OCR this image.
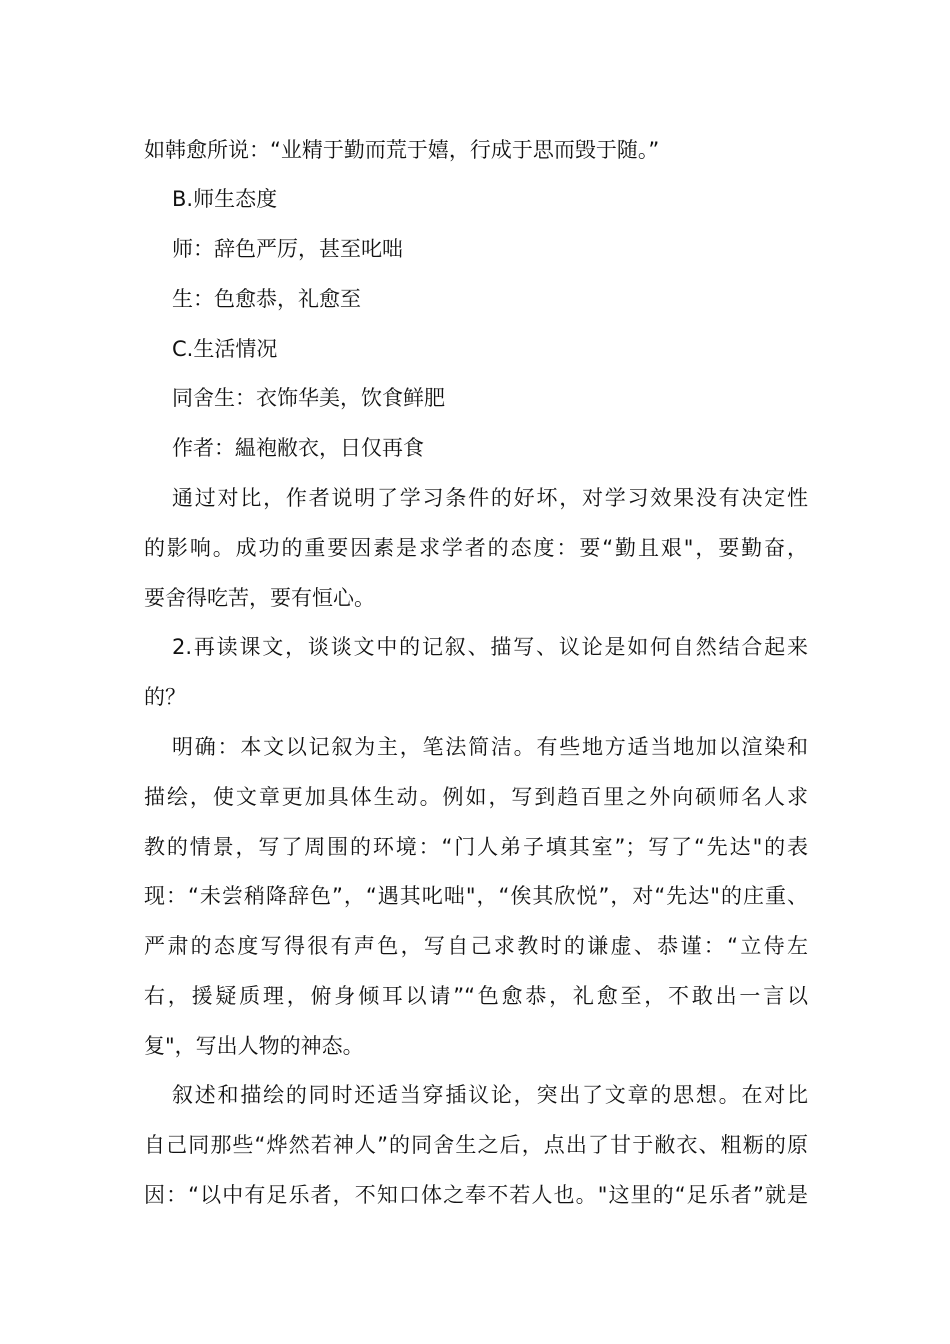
如韩愈所说：“业精于勤而荒于嬉，行成于思而毁于随。”
B.师生态度
师：辞色严厉，甚至叱咄
生：色愈恭，礼愈至
C.生活情况
同舍生：衣饰华美，饮食鲜肥
作者：緼袍敝衣，日仅再食
通过对比，作者说明了学习条件的好坏，对学习效果没有决定性
的影响。成功的重要因素是求学者的态度：要“勤且艰"，要勤奋，
要舍得吃苦，要有恒心。
2.再读课文，谈谈文中的记叙、描写、议论是如何自然结合起来
的？
明确：本文以记叙为主，笔法简洁。有些地方适当地加以渲染和
描绘，使文章更加具体生动。例如，写到趋百里之外向硕师名人求
教的情景，写了周围的环境：“门人弟子填其室”；写了“先达"的表
现：“未尝稍降辞色”，“遇其叱咄"，“俟其欣悦”，对“先达"的庄重、
严肃的态度写得很有声色，写自己求教时的谦虚、恭谨：“立侍左
右，援疑质理，俯身倾耳以请”“色愈恭，礼愈至，不敢出一言以
复"，写出人物的神态。
叙述和描绘的同时还适当穿插议论，突出了文章的思想。在对比
自己同那些“烨然若神人”的同舍生之后，点出了甘于敝衣、粗粝的原
因：“以中有足乐者，不知口体之奉不若人也。"这里的“足乐者”就是
